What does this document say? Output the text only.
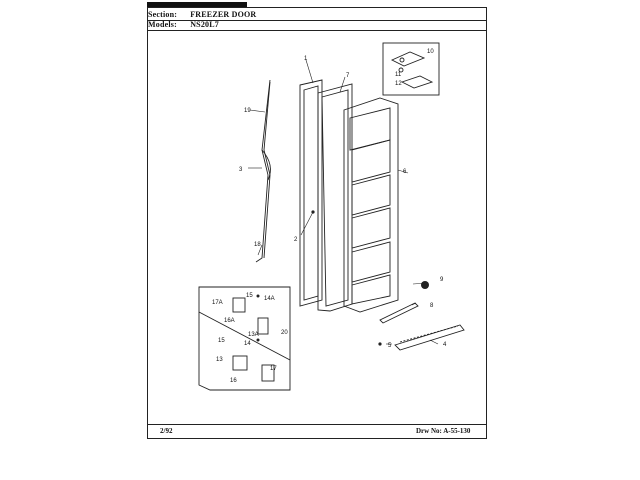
Section: FREEZER DOOR
Models: NS20L7
1
2
3
4
5
6
7
8
9
10
11
12
13
13A
14
14A
15
15
16
16A
17
17A
18
19
20
2/92	Drw No: A-55-130
